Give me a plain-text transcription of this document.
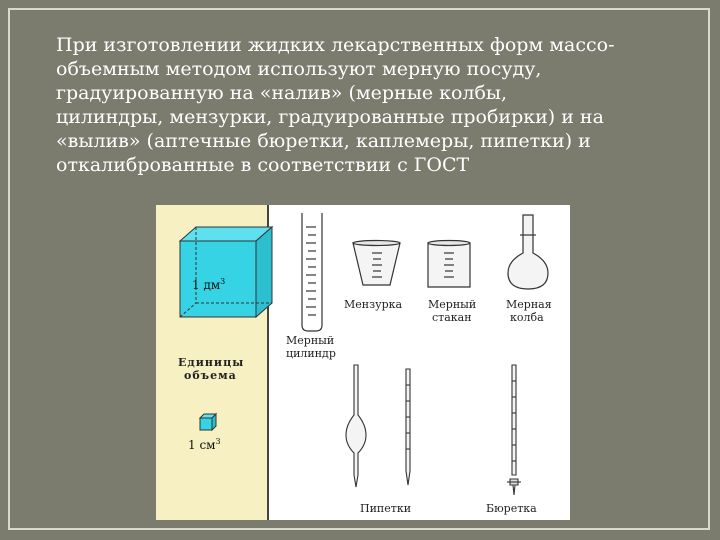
При изготовлении жидких лекарственных форм массо-
объемным методом используют мерную посуду,
градуированную на «налив» (мерные колбы,
цилиндры, мензурки, градуированные пробирки) и на
«вылив» (аптечные бюретки, каплемеры, пипетки) и
откалиброванные в соответствии с ГОСТ
1 $дм^3$
Единицы
объема
1 $см^3$
Мензурка Мерный
стакан
Мерная
колба
Мерный
цилиндр
Пипетки	Бюретка
